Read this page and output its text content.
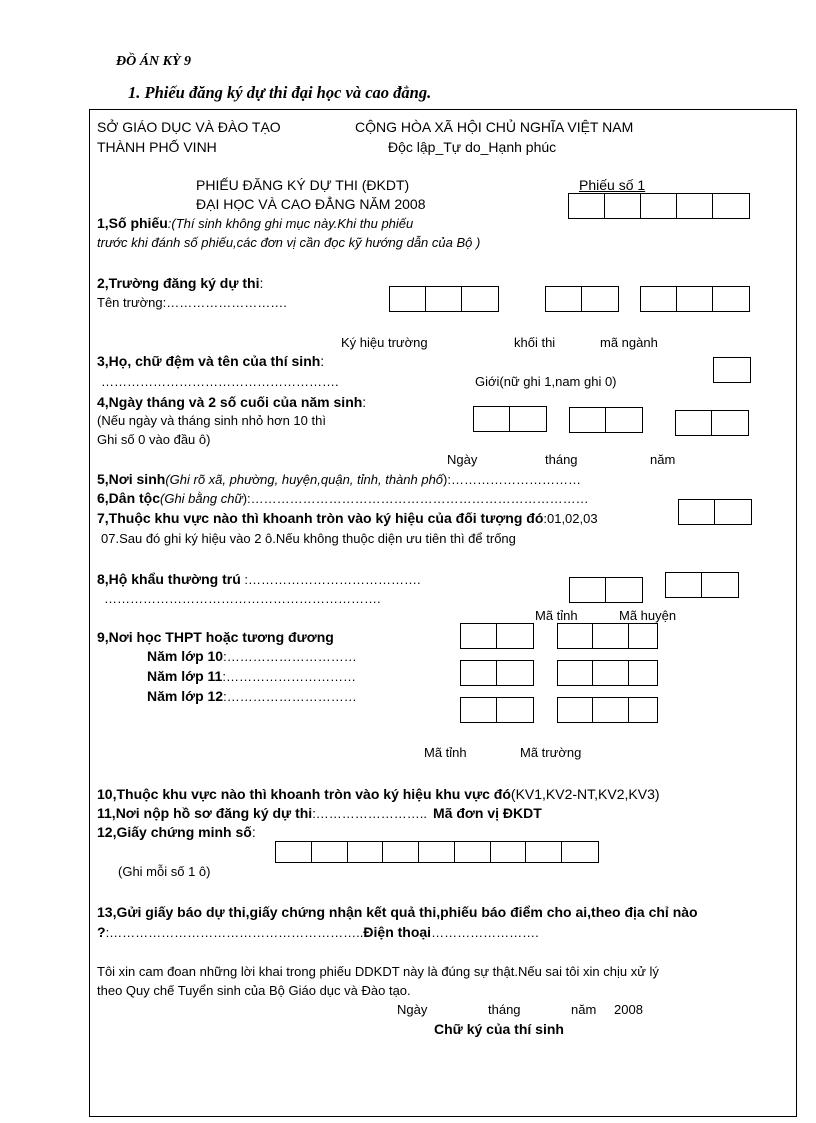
ĐỒ ÁN KỲ 9
1. Phiếu đăng ký dự thi đại học và cao đẳng.
SỞ GIÁO DỤC VÀ ĐÀO TẠO
THÀNH PHỐ VINH
CỘNG HÒA XÃ HỘI CHỦ NGHĨA VIỆT NAM
Độc lập_Tự do_Hạnh phúc
PHIẾU ĐĂNG KÝ DỰ THI (ĐKDT)
ĐẠI HỌC VÀ CAO ĐẲNG NĂM 2008
Phiếu số 1
1,Số phiếu:(Thí sinh không ghi mục này.Khi thu phiếu
trước khi đánh số phiếu,các đơn vị cần đọc kỹ hướng dẫn của Bộ )
2,Trường đăng ký dự thi:
Tên trường:……………………….
Ký hiệu trường	khối thi	mã ngành
3,Họ, chữ đệm và tên của thí sinh:
……………………………………………….	Giới(nữ ghi 1,nam ghi 0)
4,Ngày tháng và 2 số cuối của năm sinh:
(Nếu ngày và tháng sinh nhỏ hơn 10 thì
Ghi số 0 vào đầu ô)
Ngày	tháng	năm
5,Nơi sinh(Ghi rõ xã, phường, huyện,quận, tỉnh, thành phố):…………………………
6,Dân tộc(Ghi bằng chữ):……………………………………………………………………
7,Thuộc khu vực nào thì khoanh tròn vào ký hiệu của đối tượng đó:01,02,03
07.Sau đó ghi ký hiệu vào 2 ô.Nếu không thuộc diện ưu tiên thì để trống
8,Hộ khẩu thường trú :………………………………….
……………………………………………………….
Mã tỉnh	Mã huyện
9,Nơi học THPT hoặc tương đương
Năm lớp 10:…………………………
Năm lớp 11:…………………………
Năm lớp 12:…………………………
Mã tỉnh	Mã trường
10,Thuộc khu vực nào thì khoanh tròn vào ký hiệu khu vực đó(KV1,KV2-NT,KV2,KV3)
11,Nơi nộp hồ sơ đăng ký dự thi:…………………….. Mã đơn vị ĐKDT
12,Giấy chứng minh số:
(Ghi mỗi số 1 ô)
13,Gửi giấy báo dự thi,giấy chứng nhận kết quả thi,phiếu báo điểm cho ai,theo địa chỉ nào
?:…………………………………………………..Điện thoại…………………….
Tôi xin cam đoan những lời khai trong phiếu DDKDT này là đúng sự thật.Nếu sai tôi xin chịu xử lý
theo Quy chế Tuyển sinh của Bộ Giáo dục và Đào tạo.
Ngày	tháng	năm 2008
Chữ ký của thí sinh
